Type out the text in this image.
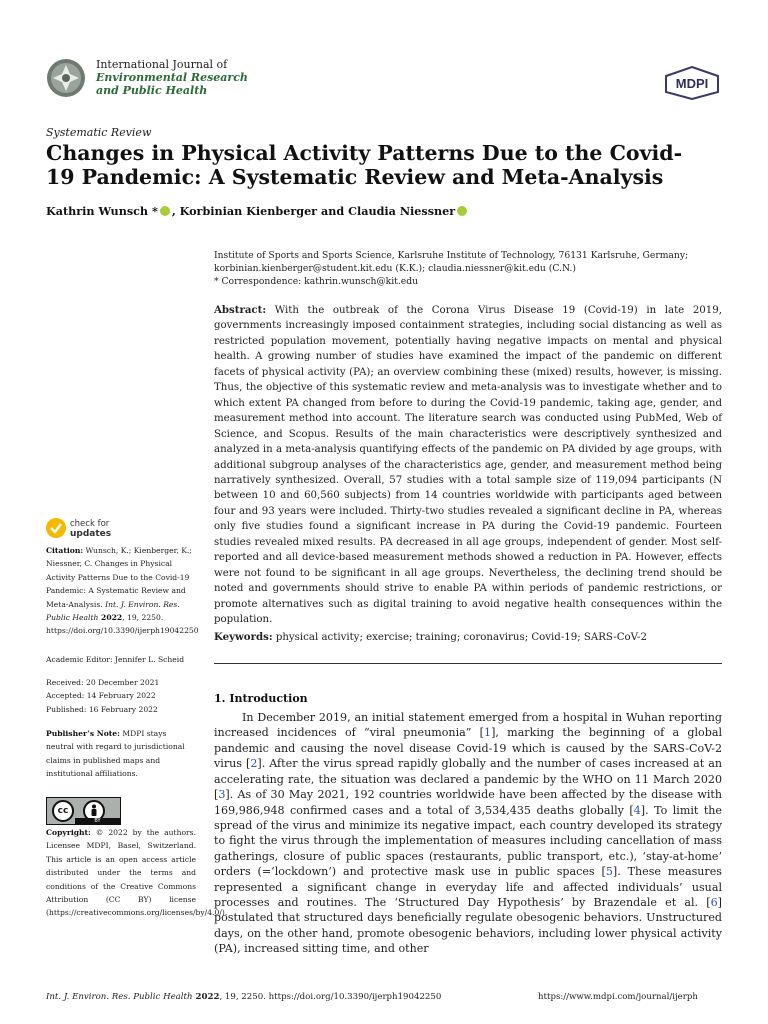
International Journal of
Environmental Research
and Public Health	MDPI
Systematic Review
Changes in Physical Activity Patterns Due to the Covid-19 Pandemic: A Systematic Review and Meta-Analysis
Kathrin Wunsch * , Korbinian Kienberger and Claudia Niessner
Institute of Sports and Sports Science, Karlsruhe Institute of Technology, 76131 Karlsruhe, Germany;
korbinian.kienberger@student.kit.edu (K.K.); claudia.niessner@kit.edu (C.N.)
* Correspondence: kathrin.wunsch@kit.edu
Abstract: With the outbreak of the Corona Virus Disease 19 (Covid-19) in late 2019, governments increasingly imposed containment strategies, including social distancing as well as restricted population movement, potentially having negative impacts on mental and physical health. A growing number of studies have examined the impact of the pandemic on different facets of physical activity (PA); an overview combining these (mixed) results, however, is missing. Thus, the objective of this systematic review and meta-analysis was to investigate whether and to which extent PA changed from before to during the Covid-19 pandemic, taking age, gender, and measurement method into account. The literature search was conducted using PubMed, Web of Science, and Scopus. Results of the main characteristics were descriptively synthesized and analyzed in a meta-analysis quantifying effects of the pandemic on PA divided by age groups, with additional subgroup analyses of the characteristics age, gender, and measurement method being narratively synthesized. Overall, 57 studies with a total sample size of 119,094 participants (N between 10 and 60,560 subjects) from 14 countries worldwide with participants aged between four and 93 years were included. Thirty-two studies revealed a significant decline in PA, whereas only five studies found a significant increase in PA during the Covid-19 pandemic. Fourteen studies revealed mixed results. PA decreased in all age groups, independent of gender. Most self-reported and all device-based measurement methods showed a reduction in PA. However, effects were not found to be significant in all age groups. Nevertheless, the declining trend should be noted and governments should strive to enable PA within periods of pandemic restrictions, or promote alternatives such as digital training to avoid negative health consequences within the population.
Keywords: physical activity; exercise; training; coronavirus; Covid-19; SARS-CoV-2
1. Introduction

In December 2019, an initial statement emerged from a hospital in Wuhan reporting increased incidences of “viral pneumonia” [1], marking the beginning of a global pandemic and causing the novel disease Covid-19 which is caused by the SARS-CoV-2 virus [2]. After the virus spread rapidly globally and the number of cases increased at an accelerating rate, the situation was declared a pandemic by the WHO on 11 March 2020 [3]. As of 30 May 2021, 192 countries worldwide have been affected by the disease with 169,986,948 confirmed cases and a total of 3,534,435 deaths globally [4]. To limit the spread of the virus and minimize its negative impact, each country developed its strategy to fight the virus through the implementation of measures including cancellation of mass gatherings, closure of public spaces (restaurants, public transport, etc.), ‘stay-at-home’ orders (=‘lockdown’) and protective mask use in public spaces [5]. These measures represented a significant change in everyday life and affected individuals’ usual processes and routines. The ‘Structured Day Hypothesis’ by Brazendale et al. [6] postulated that structured days beneficially regulate obesogenic behaviors. Unstructured days, on the other hand, promote obesogenic behaviors, including lower physical activity (PA), increased sitting time, and other

check for
updates
Citation: Wunsch, K.; Kienberger, K.; Niessner, C. Changes in Physical Activity Patterns Due to the Covid-19 Pandemic: A Systematic Review and Meta-Analysis. Int. J. Environ. Res. Public Health 2022, 19, 2250. https://doi.org/10.3390/ijerph19042250
Academic Editor: Jennifer L. Scheid
Received: 20 December 2021
Accepted: 14 February 2022
Published: 16 February 2022
Publisher’s Note: MDPI stays neutral with regard to jurisdictional claims in published maps and institutional affiliations.
cc
BY
Copyright: © 2022 by the authors. Licensee MDPI, Basel, Switzerland. This article is an open access article distributed under the terms and conditions of the Creative Commons Attribution (CC BY) license (https://creativecommons.org/licenses/by/4.0/).
Int. J. Environ. Res. Public Health 2022, 19, 2250. https://doi.org/10.3390/ijerph19042250	https://www.mdpi.com/journal/ijerph
